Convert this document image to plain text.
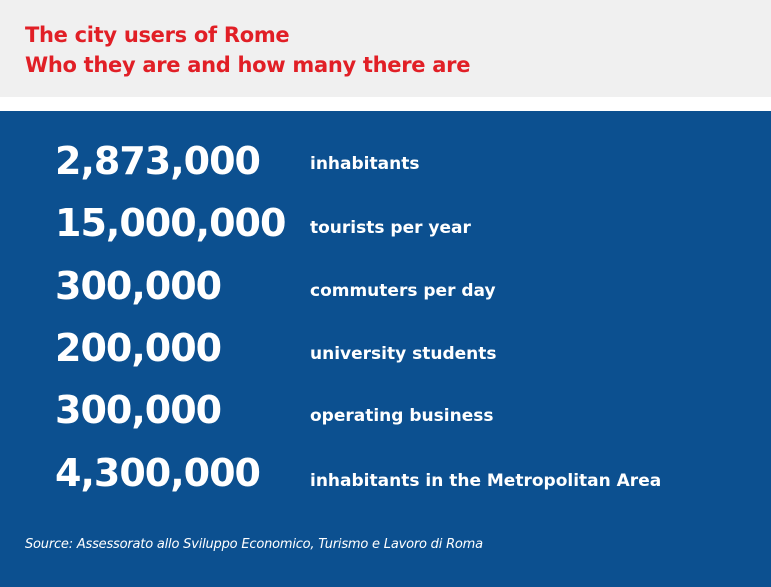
The city users of Rome
Who they are and how many there are
2,873,000	inhabitants
15,000,000 tourists per year
300,000	commuters per day
200,000	university students
300,000	operating business
4,300,000	inhabitants in the Metropolitan Area
Source: Assessorato allo Sviluppo Economico, Turismo e Lavoro di Roma
